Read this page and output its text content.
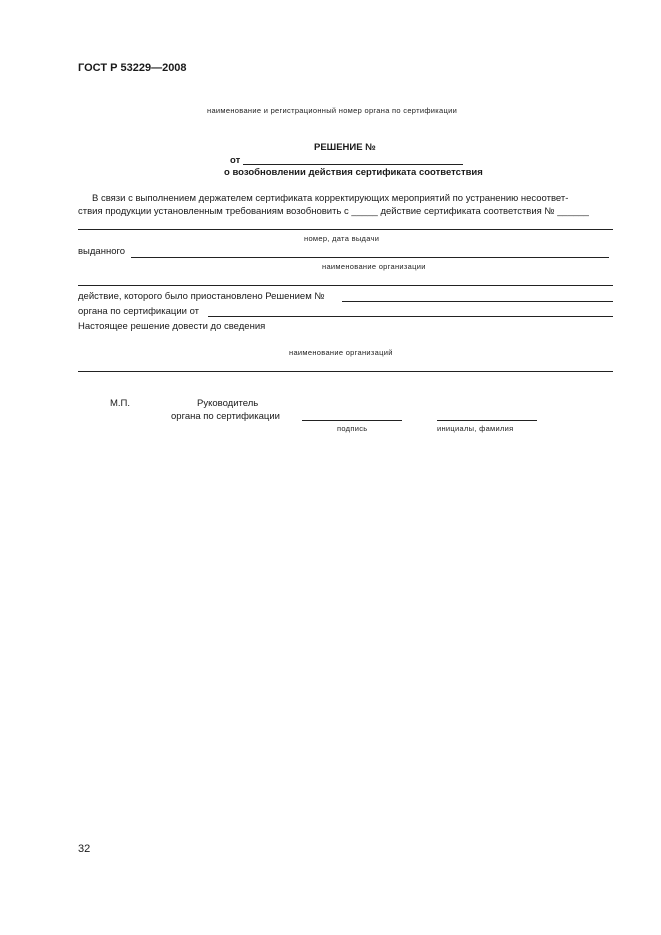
ГОСТ Р 53229—2008
наименование и регистрационный номер органа по сертификации
РЕШЕНИЕ №
от
о возобновлении действия сертификата соответствия
В связи с выполнением держателем сертификата корректирующих мероприятий по устранению несоответ-
ствия продукции установленным требованиям возобновить с _____ действие сертификата соответствия № ______
номер, дата выдачи
выданного
наименование организации
действие, которого было приостановлено Решением №
органа по сертификации от
Настоящее решение довести до сведения
наименование организаций
М.П.	Руководитель
органа по сертификации
подпись	инициалы, фамилия
32
